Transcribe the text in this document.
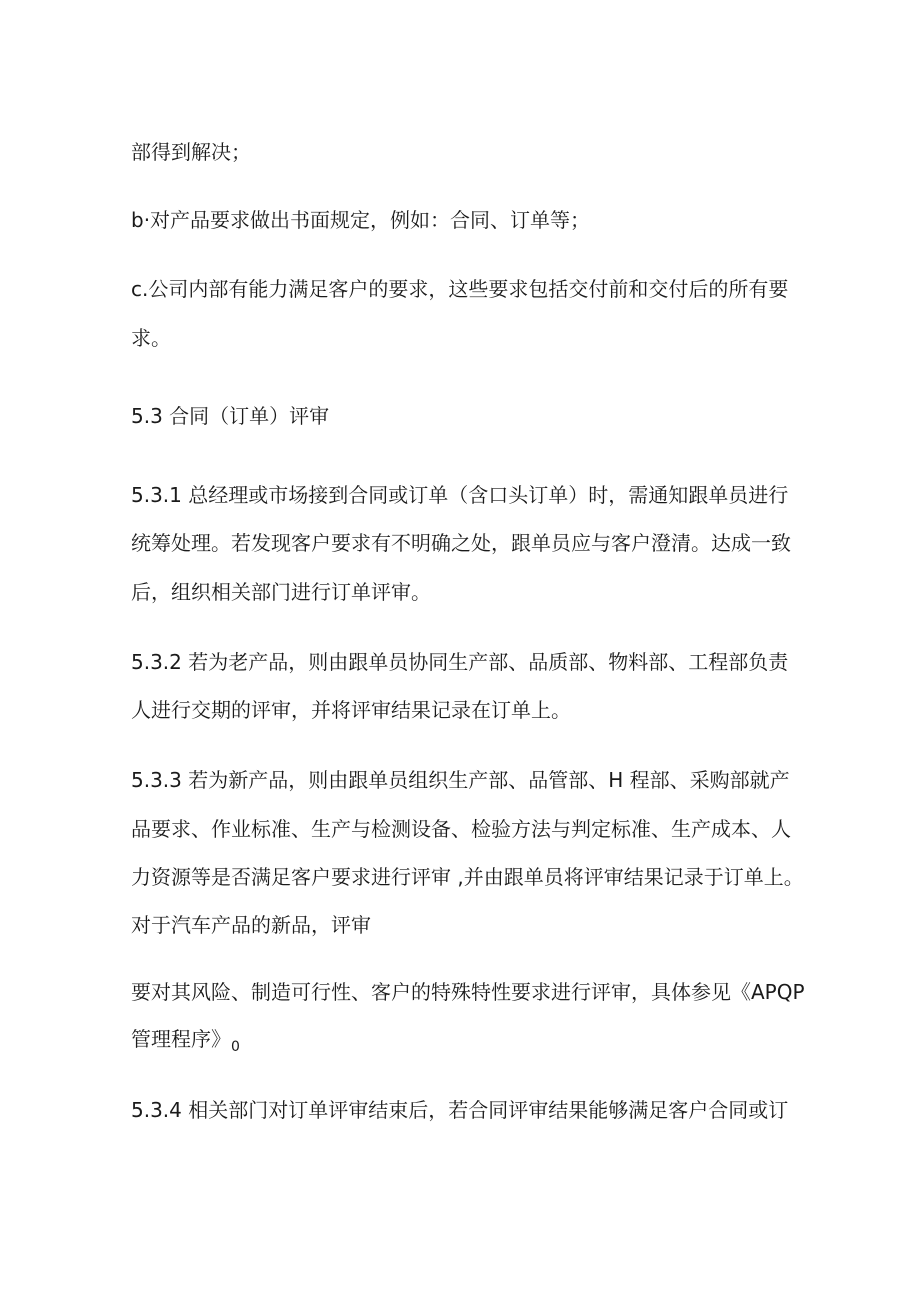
部得到解决；
b·对产品要求做出书面规定，例如：合同、订单等；
c.公司内部有能力满足客户的要求，这些要求包括交付前和交付后的所有要
求。
5.3 合同（订单）评审
5.3.1 总经理或市场接到合同或订单（含口头订单）时，需通知跟单员进行
统筹处理。若发现客户要求有不明确之处，跟单员应与客户澄清。达成一致
后，组织相关部门进行订单评审。
5.3.2 若为老产品，则由跟单员协同生产部、品质部、物料部、工程部负责
人进行交期的评审，并将评审结果记录在订单上。
5.3.3 若为新产品，则由跟单员组织生产部、品管部、H 程部、采购部就产
品要求、作业标准、生产与检测设备、检验方法与判定标准、生产成本、人
力资源等是否满足客户要求进行评审 ,并由跟单员将评审结果记录于订单上。
对于汽车产品的新品，评审
要对其风险、制造可行性、客户的特殊特性要求进行评审，具体参见《APQP
管理程序》$_0$
5.3.4 相关部门对订单评审结束后，若合同评审结果能够满足客户合同或订
